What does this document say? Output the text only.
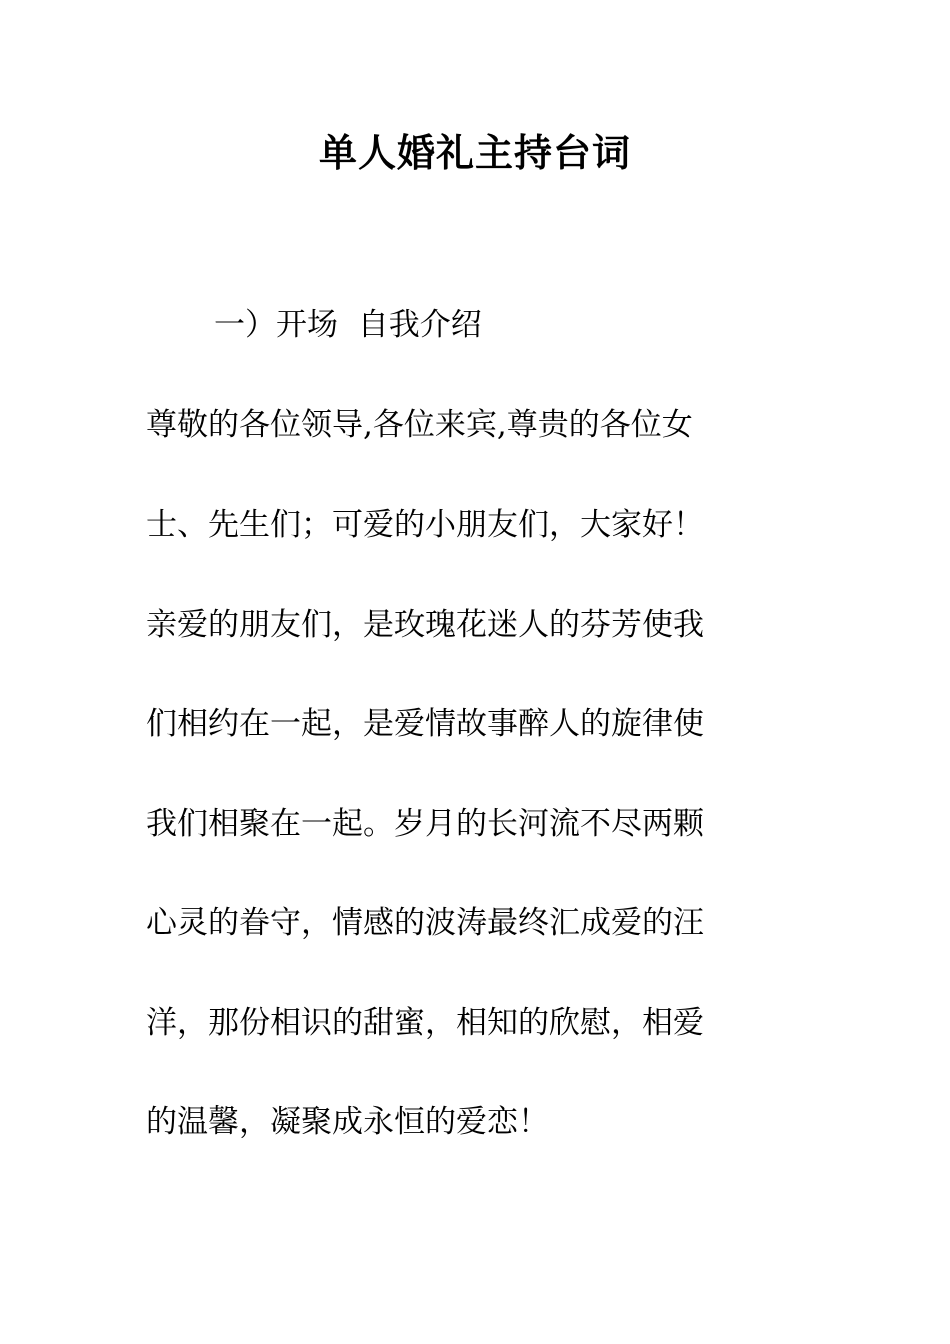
单人婚礼主持台词
一）开场  自我介绍
尊敬的各位领导,各位来宾,尊贵的各位女
士、先生们；可爱的小朋友们，大家好！
亲爱的朋友们，是玫瑰花迷人的芬芳使我
们相约在一起，是爱情故事醉人的旋律使
我们相聚在一起。岁月的长河流不尽两颗
心灵的眷守，情感的波涛最终汇成爱的汪
洋，那份相识的甜蜜，相知的欣慰，相爱
的温馨，凝聚成永恒的爱恋！
